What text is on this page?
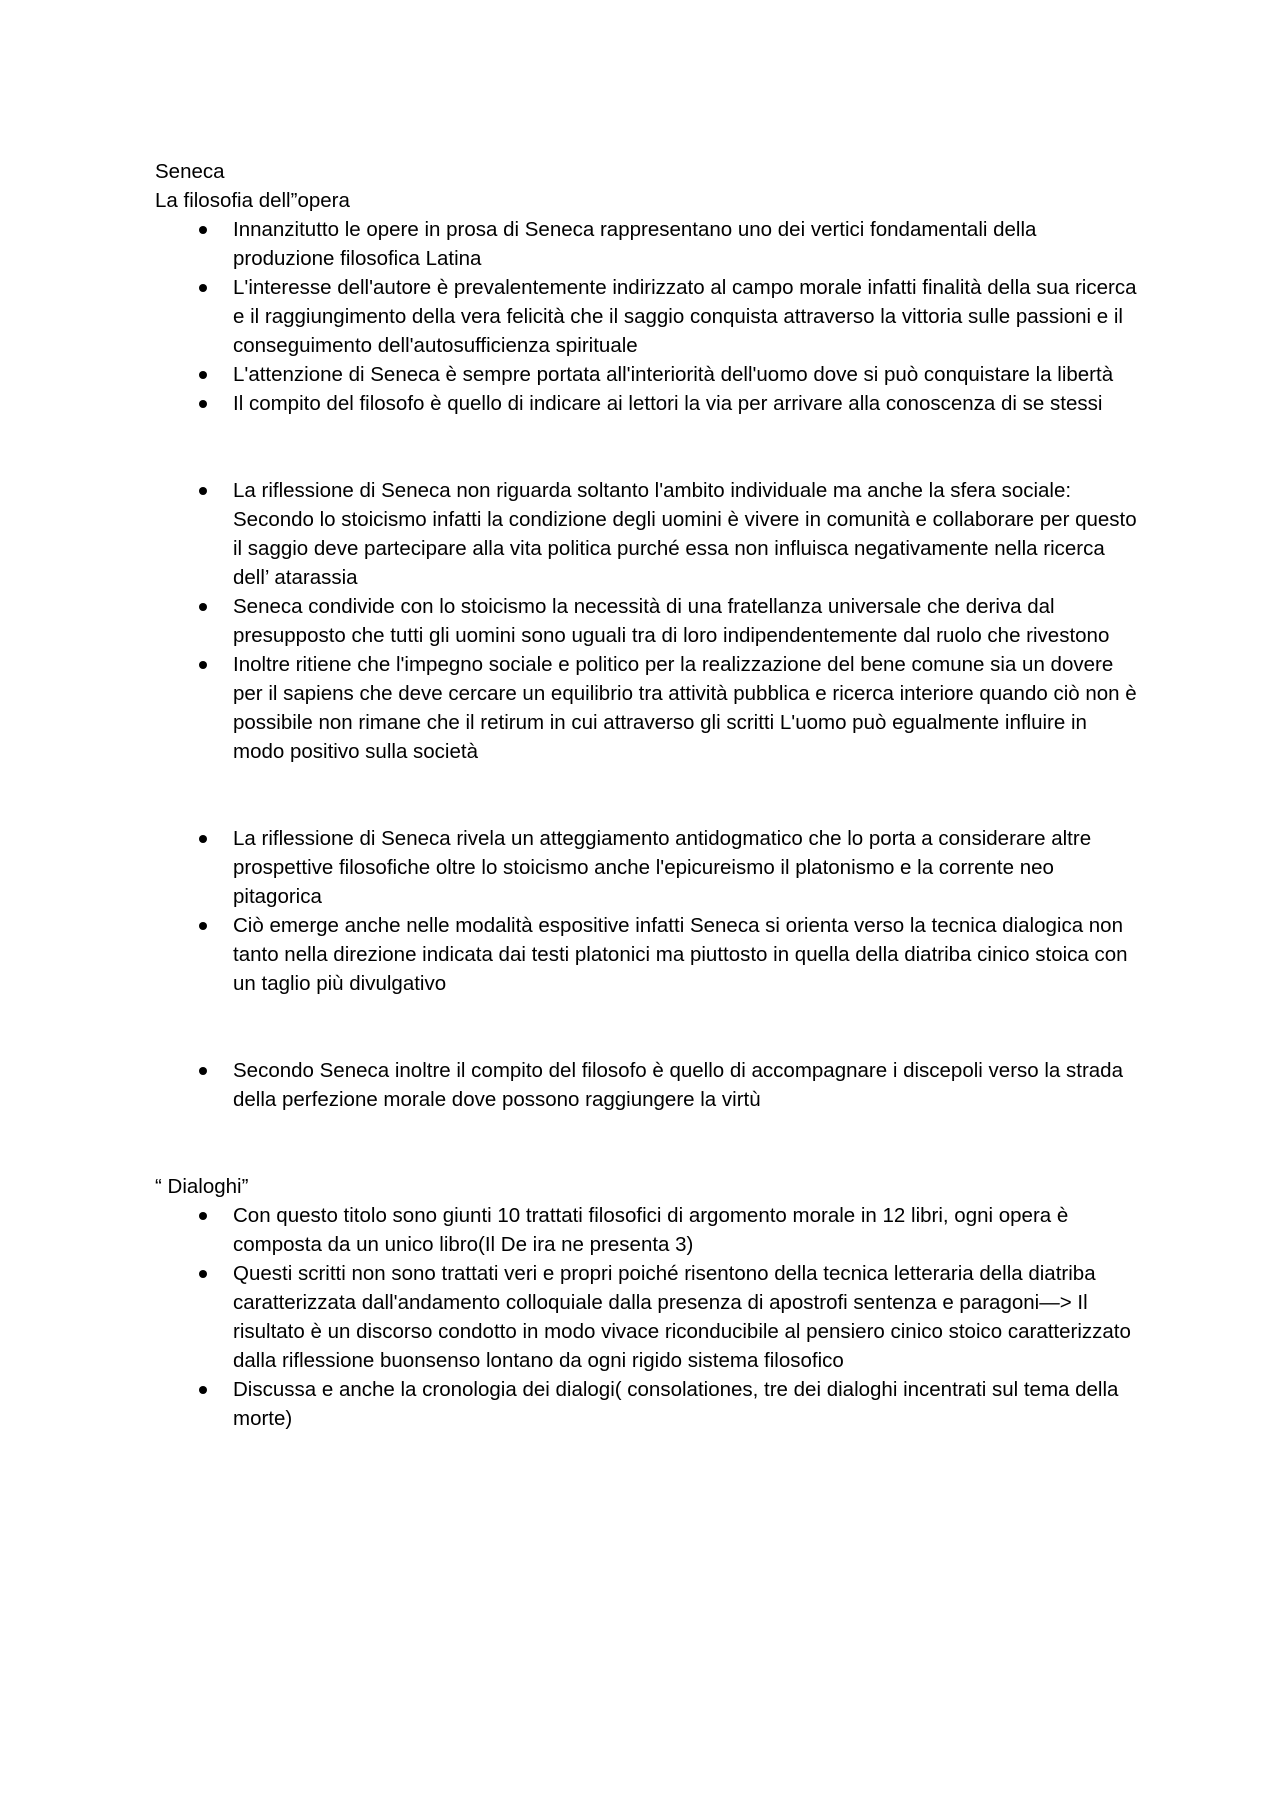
Seneca

La filosofia dell”opera

Innanzitutto le opere in prosa di Seneca rappresentano uno dei vertici fondamentali della produzione filosofica Latina
L'interesse dell'autore è prevalentemente indirizzato al campo morale infatti finalità della sua ricerca e il raggiungimento della vera felicità che il saggio conquista attraverso la vittoria sulle passioni e il conseguimento dell'autosufficienza spirituale
L'attenzione di Seneca è sempre portata all'interiorità dell'uomo dove si può conquistare la libertà
Il compito del filosofo è quello di indicare ai lettori la via per arrivare alla conoscenza di se stessi
La riflessione di Seneca non riguarda soltanto l'ambito individuale ma anche la sfera sociale: Secondo lo stoicismo infatti la condizione degli uomini è vivere in comunità e collaborare per questo il saggio deve partecipare alla vita politica purché essa non influisca negativamente nella ricerca dell’ atarassia
Seneca condivide con lo stoicismo la necessità di una fratellanza universale che deriva dal presupposto che tutti gli uomini sono uguali tra di loro indipendentemente dal ruolo che rivestono
Inoltre ritiene che l'impegno sociale e politico per la realizzazione del bene comune sia un dovere per il sapiens che deve cercare un equilibrio tra attività pubblica e ricerca interiore quando ciò non è possibile non rimane che il retirum in cui attraverso gli scritti L'uomo può egualmente influire in modo positivo sulla società
La riflessione di Seneca rivela un atteggiamento antidogmatico che lo porta a considerare altre prospettive filosofiche oltre lo stoicismo anche l'epicureismo il platonismo e la corrente neo pitagorica
Ciò emerge anche nelle modalità espositive infatti Seneca si orienta verso la tecnica dialogica non tanto nella direzione indicata dai testi platonici ma piuttosto in quella della diatriba cinico stoica con un taglio più divulgativo
Secondo Seneca inoltre il compito del filosofo è quello di accompagnare i discepoli verso la strada della perfezione morale dove possono raggiungere la virtù

“ Dialoghi”

Con questo titolo sono giunti 10 trattati filosofici di argomento morale in 12 libri, ogni opera è composta da un unico libro(Il De ira ne presenta 3)
Questi scritti non sono trattati veri e propri poiché risentono della tecnica letteraria della diatriba caratterizzata dall'andamento colloquiale dalla presenza di apostrofi sentenza e paragoni—> Il risultato è un discorso condotto in modo vivace riconducibile al pensiero cinico stoico caratterizzato dalla riflessione buonsenso lontano da ogni rigido sistema filosofico
Discussa e anche la cronologia dei dialogi( consolationes, tre dei dialoghi incentrati sul tema della morte)
